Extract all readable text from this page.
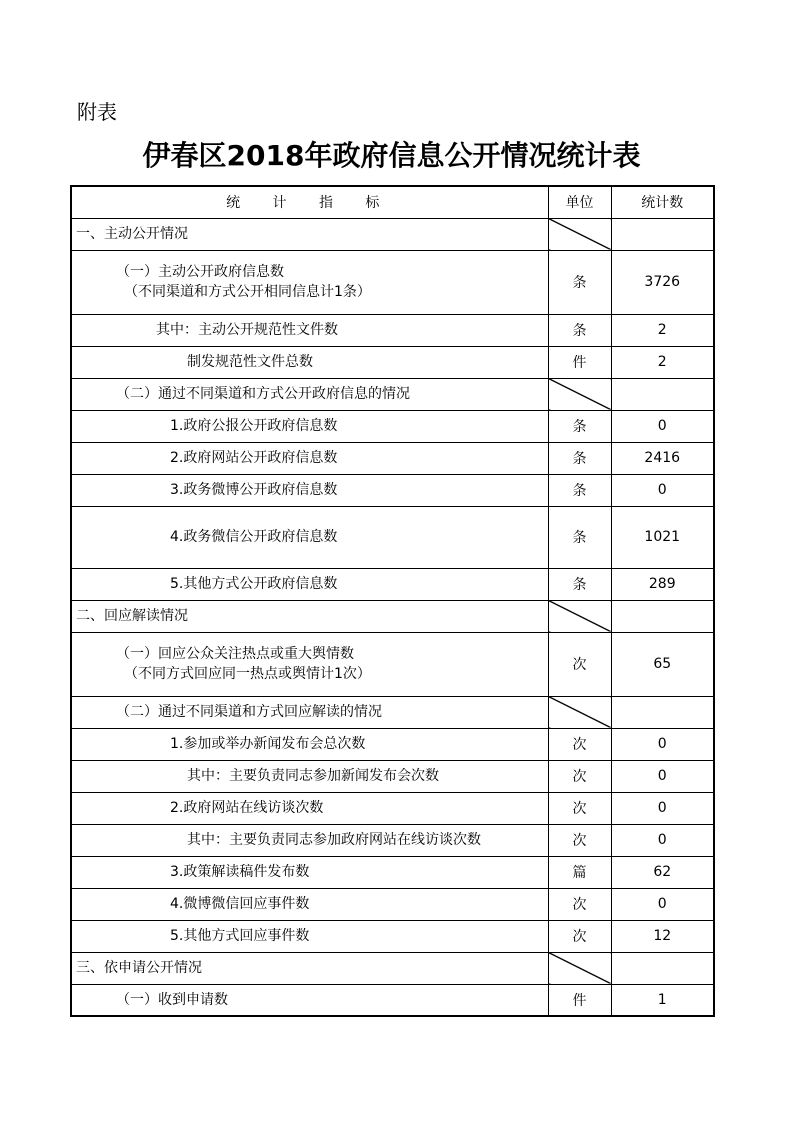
附表
伊春区2018年政府信息公开情况统计表
统 计 指 标	单位	统计数

一、主动公开情况		

（一）主动公开政府信息数
（不同渠道和方式公开相同信息计1条）	条	3726

其中：主动公开规范性文件数	条	2

制发规范性文件总数	件	2

（二）通过不同渠道和方式公开政府信息的情况		

1.政府公报公开政府信息数	条	0

2.政府网站公开政府信息数	条	2416

3.政务微博公开政府信息数	条	0

4.政务微信公开政府信息数	条	1021

5.其他方式公开政府信息数	条	289

二、回应解读情况		

（一）回应公众关注热点或重大舆情数
（不同方式回应同一热点或舆情计1次）	次	65

（二）通过不同渠道和方式回应解读的情况		

1.参加或举办新闻发布会总次数	次	0

其中：主要负责同志参加新闻发布会次数	次	0

2.政府网站在线访谈次数	次	0

其中：主要负责同志参加政府网站在线访谈次数	次	0

3.政策解读稿件发布数	篇	62

4.微博微信回应事件数	次	0

5.其他方式回应事件数	次	12

三、依申请公开情况		

（一）收到申请数	件	1
